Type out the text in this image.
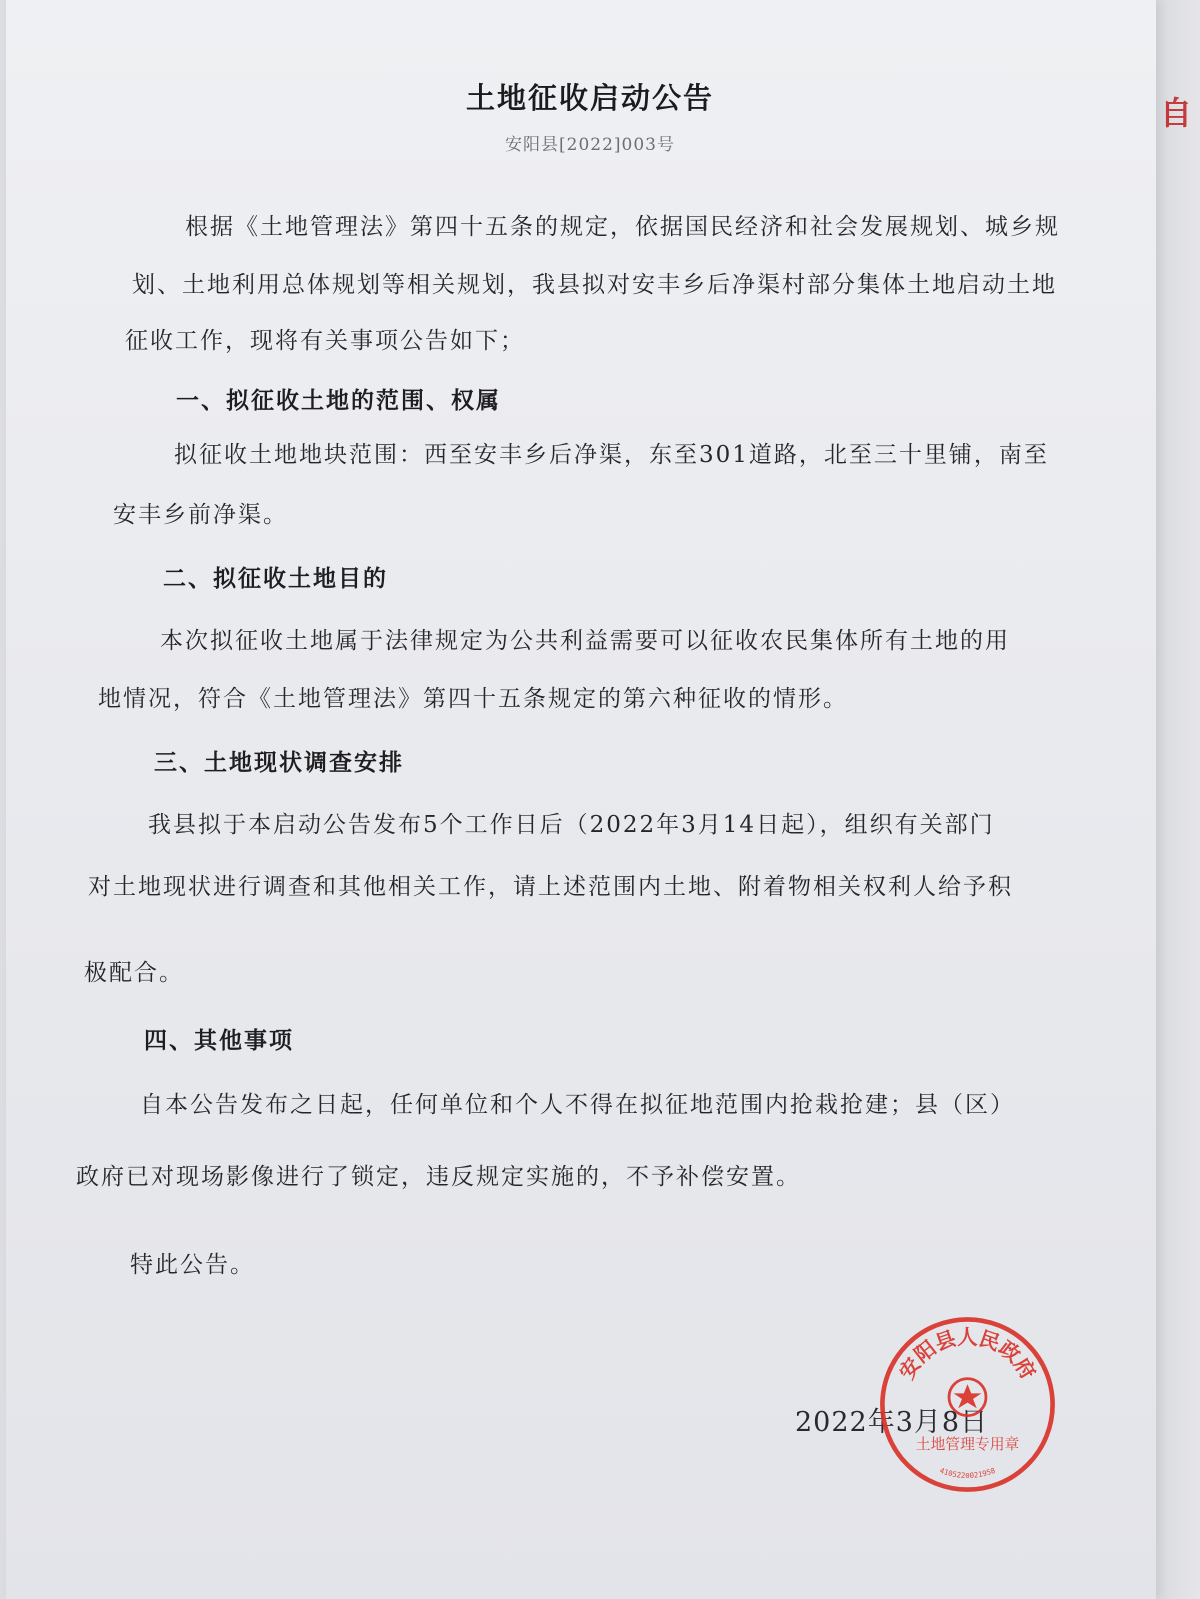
自
土地征收启动公告
安阳县[2022]003号
根据《土地管理法》第四十五条的规定，依据国民经济和社会发展规划、城乡规
划、土地利用总体规划等相关规划，我县拟对安丰乡后净渠村部分集体土地启动土地
征收工作，现将有关事项公告如下；
一、拟征收土地的范围、权属
拟征收土地地块范围：西至安丰乡后净渠，东至301道路，北至三十里铺，南至
安丰乡前净渠。
二、拟征收土地目的
本次拟征收土地属于法律规定为公共利益需要可以征收农民集体所有土地的用
地情况，符合《土地管理法》第四十五条规定的第六种征收的情形。
三、土地现状调查安排
我县拟于本启动公告发布5个工作日后（2022年3月14日起），组织有关部门
对土地现状进行调查和其他相关工作，请上述范围内土地、附着物相关权利人给予积
极配合。
四、其他事项
自本公告发布之日起，任何单位和个人不得在拟征地范围内抢栽抢建；县（区）
政府已对现场影像进行了锁定，违反规定实施的，不予补偿安置。
特此公告。
2022年3月8日
安阳县人民政府
土地管理专用章
4105220021958
